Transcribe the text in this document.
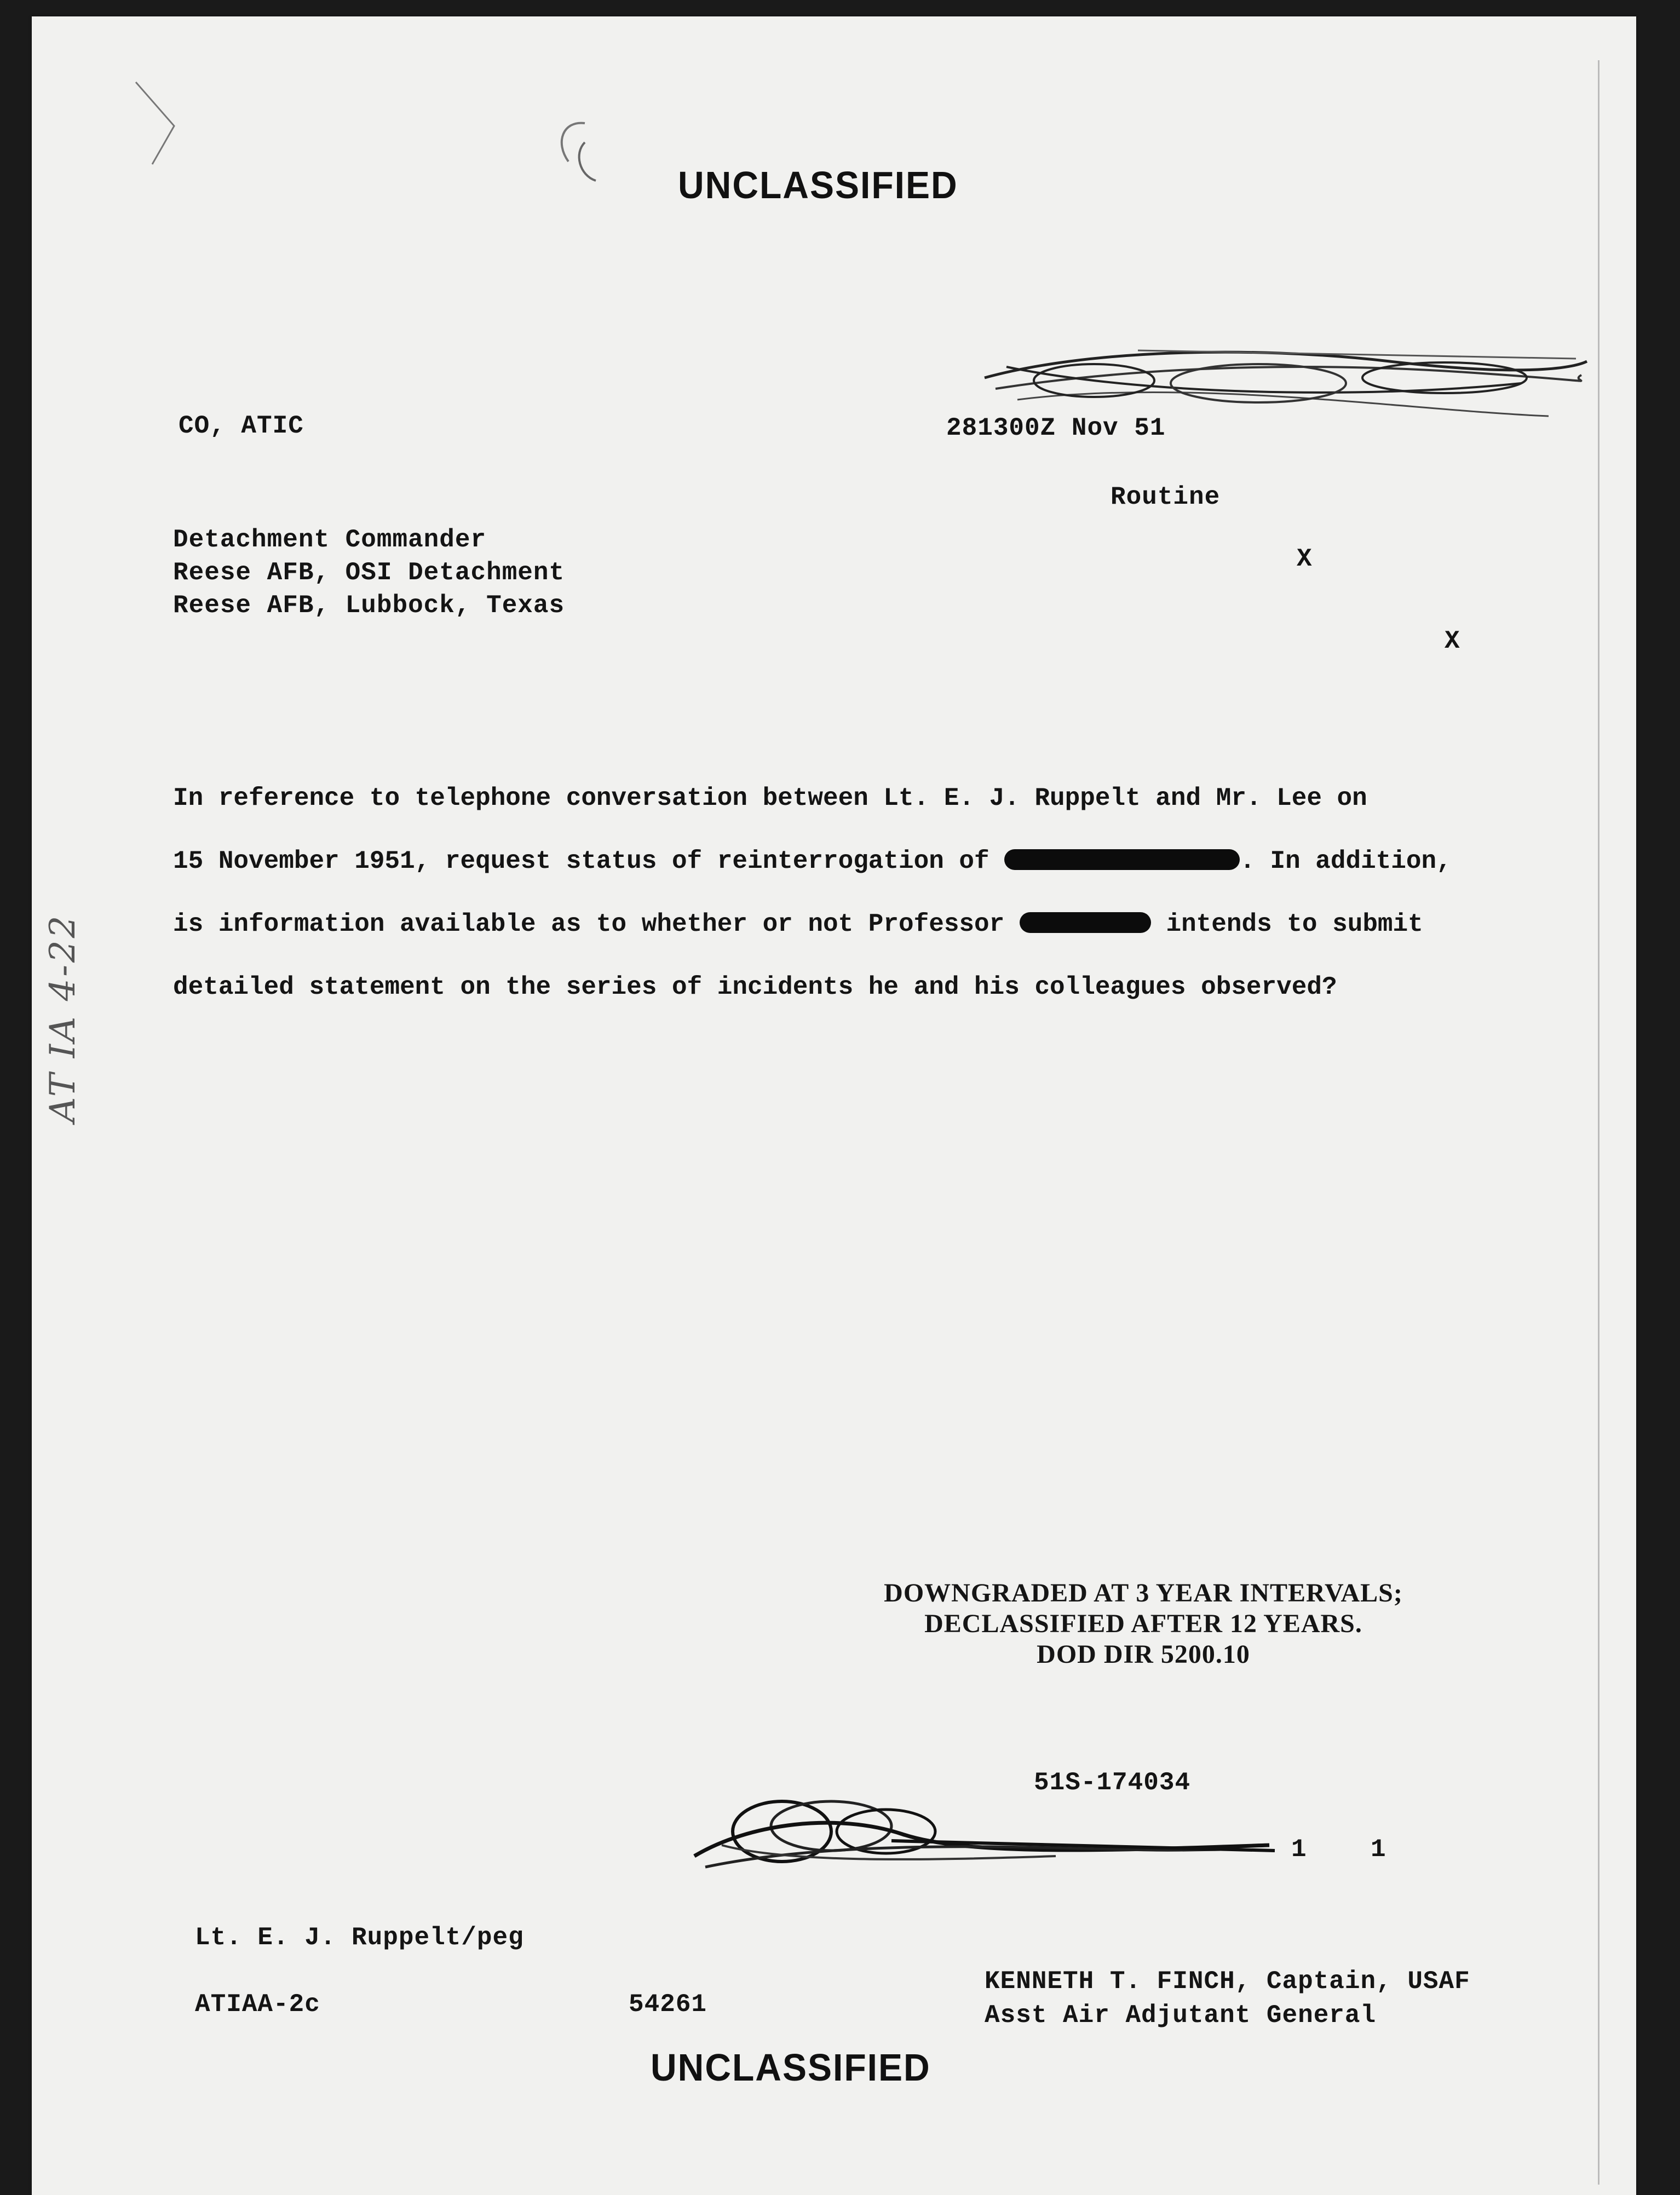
UNCLASSIFIED
CO, ATIC	281300Z Nov 51
Routine
X
X
Detachment Commander
Reese AFB, OSI Detachment
Reese AFB, Lubbock, Texas
In reference to telephone conversation between Lt. E. J. Ruppelt and Mr. Lee on
15 November 1951, request status of reinterrogation of	. In addition,
is information available as to whether or not Professor	intends to submit
detailed statement on the series of incidents he and his colleagues observed?
DOWNGRADED AT 3 YEAR INTERVALS;
DECLASSIFIED AFTER 12 YEARS.
DOD DIR 5200.10
51S-174034
1	1
Lt. E. J. Ruppelt/peg
ATIAA-2c	54261
KENNETH T. FINCH, Captain, USAF
Asst Air Adjutant General
UNCLASSIFIED
AT IA 4-22
